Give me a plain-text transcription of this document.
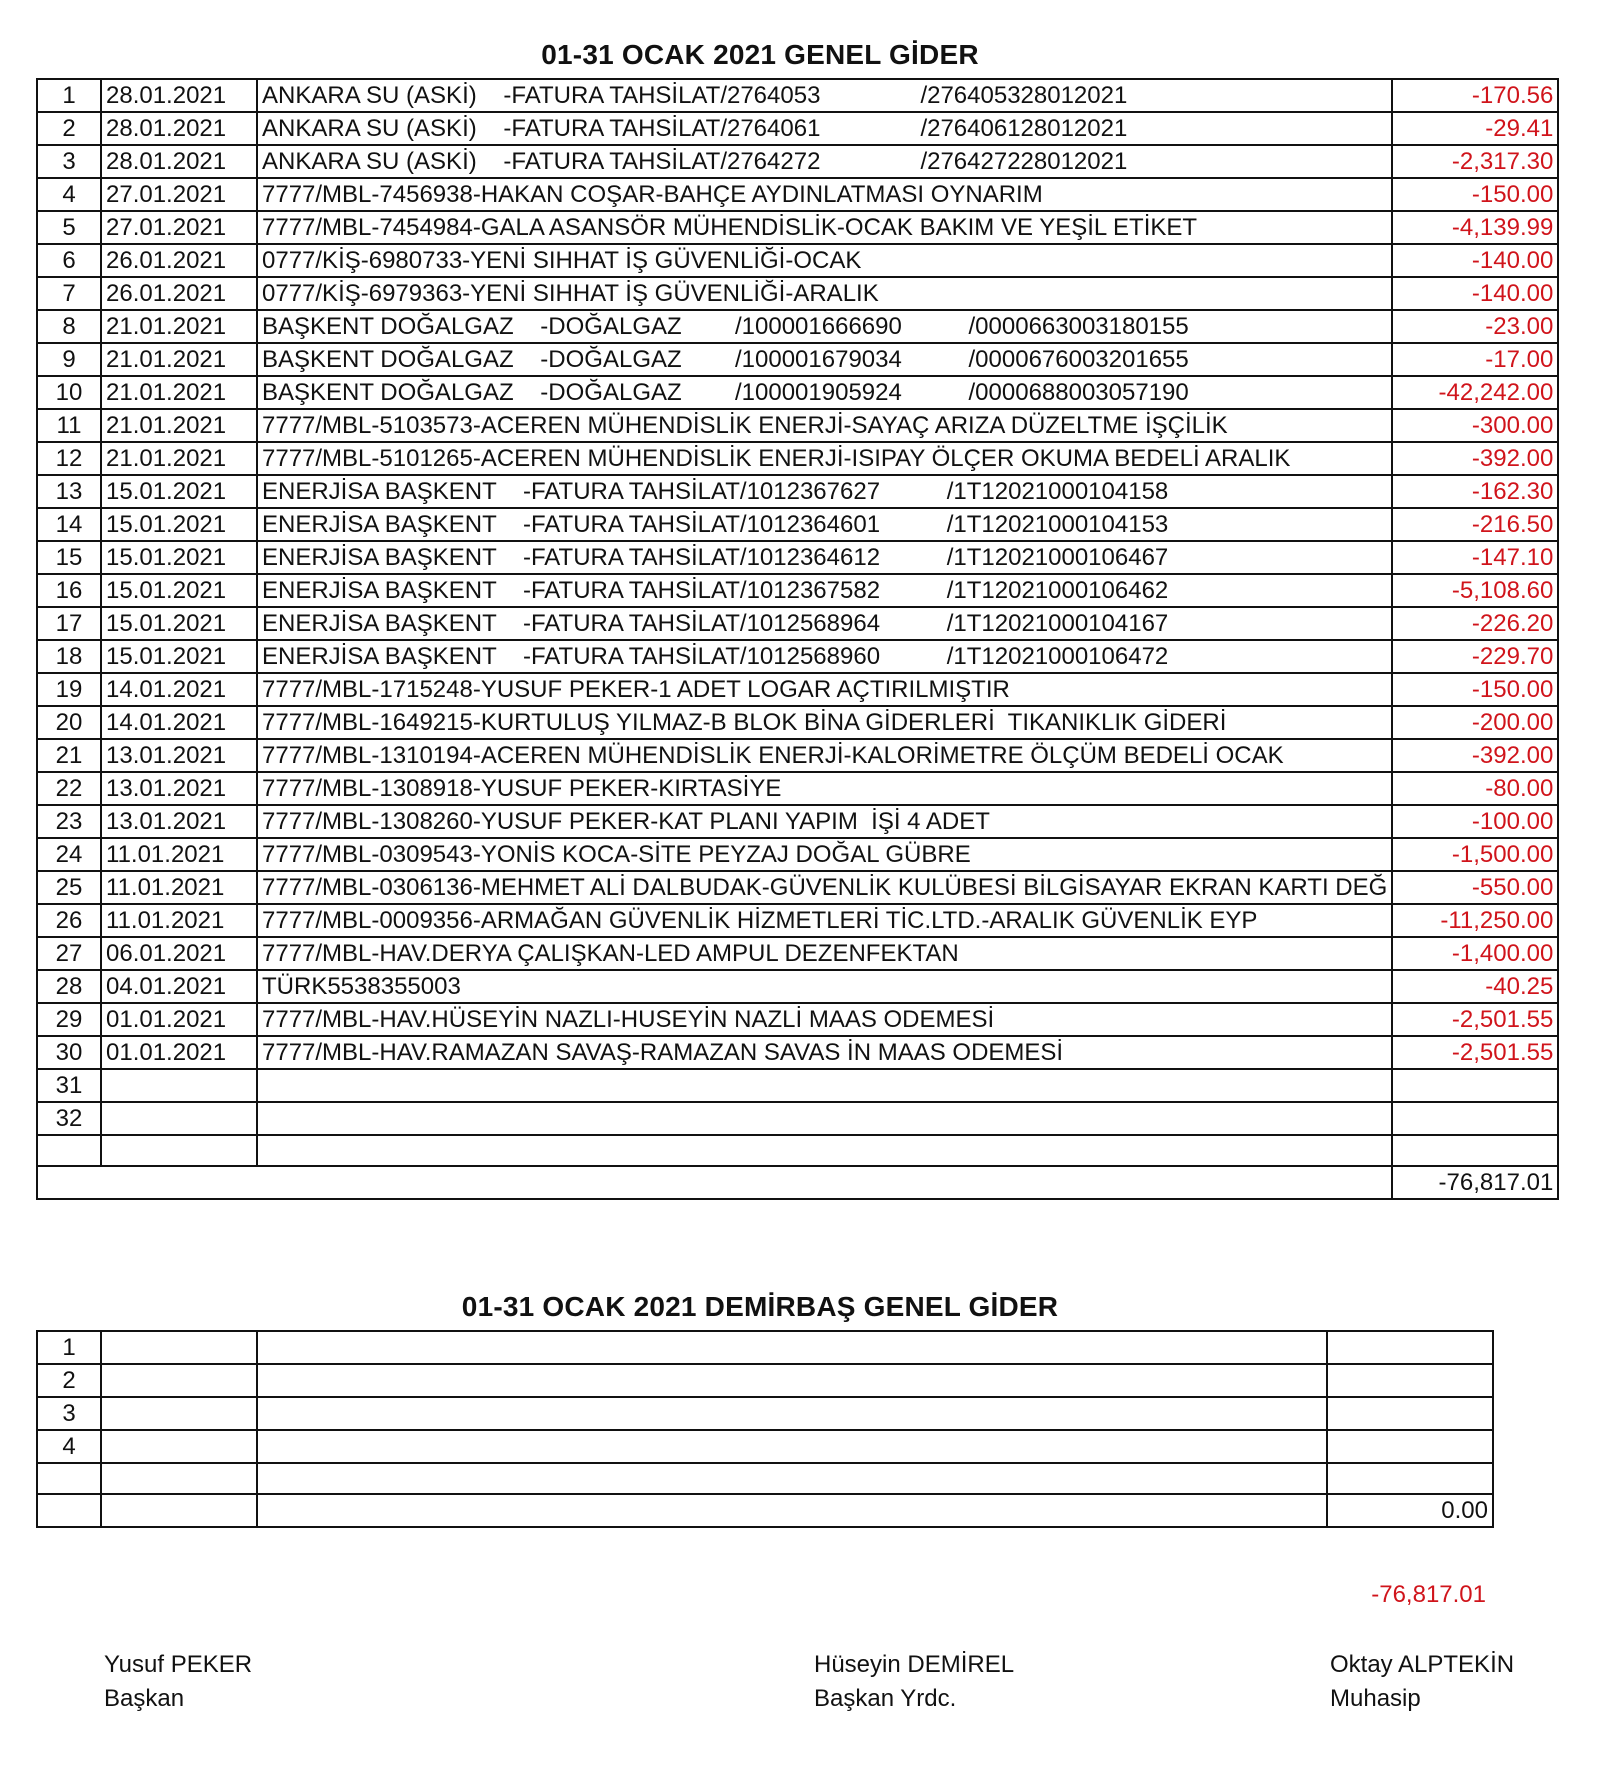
01-31 OCAK 2021 GENEL GİDER
1	28.01.2021	ANKARA SU (ASKİ)    -FATURA TAHSİLAT/2764053               /276405328012021	-170.56
2	28.01.2021	ANKARA SU (ASKİ)    -FATURA TAHSİLAT/2764061               /276406128012021	-29.41
3	28.01.2021	ANKARA SU (ASKİ)    -FATURA TAHSİLAT/2764272               /276427228012021	-2,317.30
4	27.01.2021	7777/MBL-7456938-HAKAN COŞAR-BAHÇE AYDINLATMASI OYNARIM	-150.00
5	27.01.2021	7777/MBL-7454984-GALA ASANSÖR MÜHENDİSLİK-OCAK BAKIM VE YEŞİL ETİKET	-4,139.99
6	26.01.2021	0777/KİŞ-6980733-YENİ SIHHAT İŞ GÜVENLİĞİ-OCAK	-140.00
7	26.01.2021	0777/KİŞ-6979363-YENİ SIHHAT İŞ GÜVENLİĞİ-ARALIK	-140.00
8	21.01.2021	BAŞKENT DOĞALGAZ    -DOĞALGAZ        /100001666690          /0000663003180155	-23.00
9	21.01.2021	BAŞKENT DOĞALGAZ    -DOĞALGAZ        /100001679034          /0000676003201655	-17.00
10	21.01.2021	BAŞKENT DOĞALGAZ    -DOĞALGAZ        /100001905924          /0000688003057190	-42,242.00
11	21.01.2021	7777/MBL-5103573-ACEREN MÜHENDİSLİK ENERJİ-SAYAÇ ARIZA DÜZELTME İŞÇİLİK	-300.00
12	21.01.2021	7777/MBL-5101265-ACEREN MÜHENDİSLİK ENERJİ-ISIPAY ÖLÇER OKUMA BEDELİ ARALIK	-392.00
13	15.01.2021	ENERJİSA BAŞKENT    -FATURA TAHSİLAT/1012367627          /1T12021000104158	-162.30
14	15.01.2021	ENERJİSA BAŞKENT    -FATURA TAHSİLAT/1012364601          /1T12021000104153	-216.50
15	15.01.2021	ENERJİSA BAŞKENT    -FATURA TAHSİLAT/1012364612          /1T12021000106467	-147.10
16	15.01.2021	ENERJİSA BAŞKENT    -FATURA TAHSİLAT/1012367582          /1T12021000106462	-5,108.60
17	15.01.2021	ENERJİSA BAŞKENT    -FATURA TAHSİLAT/1012568964          /1T12021000104167	-226.20
18	15.01.2021	ENERJİSA BAŞKENT    -FATURA TAHSİLAT/1012568960          /1T12021000106472	-229.70
19	14.01.2021	7777/MBL-1715248-YUSUF PEKER-1 ADET LOGAR AÇTIRILMIŞTIR	-150.00
20	14.01.2021	7777/MBL-1649215-KURTULUŞ YILMAZ-B BLOK BİNA GİDERLERİ  TIKANIKLIK GİDERİ	-200.00
21	13.01.2021	7777/MBL-1310194-ACEREN MÜHENDİSLİK ENERJİ-KALORİMETRE ÖLÇÜM BEDELİ OCAK	-392.00
22	13.01.2021	7777/MBL-1308918-YUSUF PEKER-KIRTASİYE	-80.00
23	13.01.2021	7777/MBL-1308260-YUSUF PEKER-KAT PLANI YAPIM  İŞİ 4 ADET	-100.00
24	11.01.2021	7777/MBL-0309543-YONİS KOCA-SİTE PEYZAJ DOĞAL GÜBRE	-1,500.00
25	11.01.2021	7777/MBL-0306136-MEHMET ALİ DALBUDAK-GÜVENLİK KULÜBESİ BİLGİSAYAR EKRAN KARTI DEĞ	-550.00
26	11.01.2021	7777/MBL-0009356-ARMAĞAN GÜVENLİK HİZMETLERİ TİC.LTD.-ARALIK GÜVENLİK EYP	-11,250.00
27	06.01.2021	7777/MBL-HAV.DERYA ÇALIŞKAN-LED AMPUL DEZENFEKTAN	-1,400.00
28	04.01.2021	TÜRK5538355003	-40.25
29	01.01.2021	7777/MBL-HAV.HÜSEYİN NAZLI-HUSEYİN NAZLİ MAAS ODEMESİ	-2,501.55
30	01.01.2021	7777/MBL-HAV.RAMAZAN SAVAŞ-RAMAZAN SAVAS İN MAAS ODEMESİ	-2,501.55
31			
32			

			-76,817.01
01-31 OCAK 2021 DEMİRBAŞ GENEL GİDER
1			
2			
3			
4			

			0.00
-76,817.01
Yusuf PEKER
Başkan
Hüseyin DEMİREL
Başkan Yrdc.
Oktay ALPTEKİN
Muhasip
